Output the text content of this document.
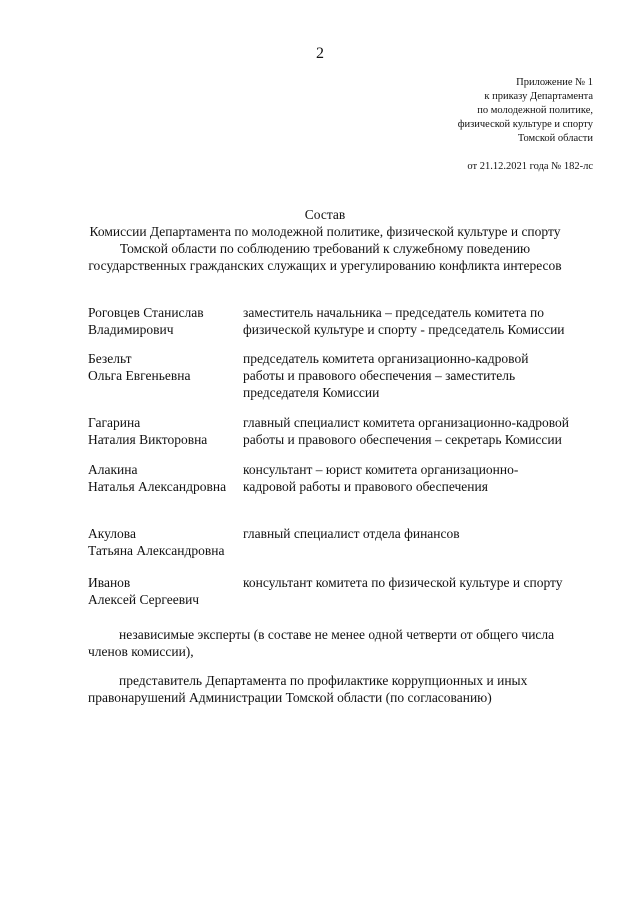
2
Приложение № 1
к приказу Департамента
по молодежной политике,
физической культуре и спорту
Томской области
от 21.12.2021 года № 182-лс
Состав
Комиссии Департамента по молодежной политике, физической культуре и спорту
Томской области по соблюдению требований к служебному поведению
государственных гражданских служащих и урегулированию конфликта интересов
Роговцев Станислав
Владимирович
заместитель начальника – председатель комитета по
физической культуре и спорту - председатель Комиссии
Безельт
Ольга Евгеньевна
председатель комитета организационно-кадровой
работы и правового обеспечения – заместитель
председателя Комиссии
Гагарина
Наталия Викторовна
главный специалист комитета организационно-кадровой
работы и правового обеспечения – секретарь Комиссии
Алакина
Наталья Александровна
консультант – юрист комитета организационно-
кадровой работы и правового обеспечения
Акулова
Татьяна Александровна
главный специалист отдела финансов
Иванов
Алексей Сергеевич
консультант комитета по физической культуре и спорту
независимые эксперты (в составе не менее одной четверти от общего числа
членов комиссии),
представитель Департамента по профилактике коррупционных и иных
правонарушений Администрации Томской области (по согласованию)
